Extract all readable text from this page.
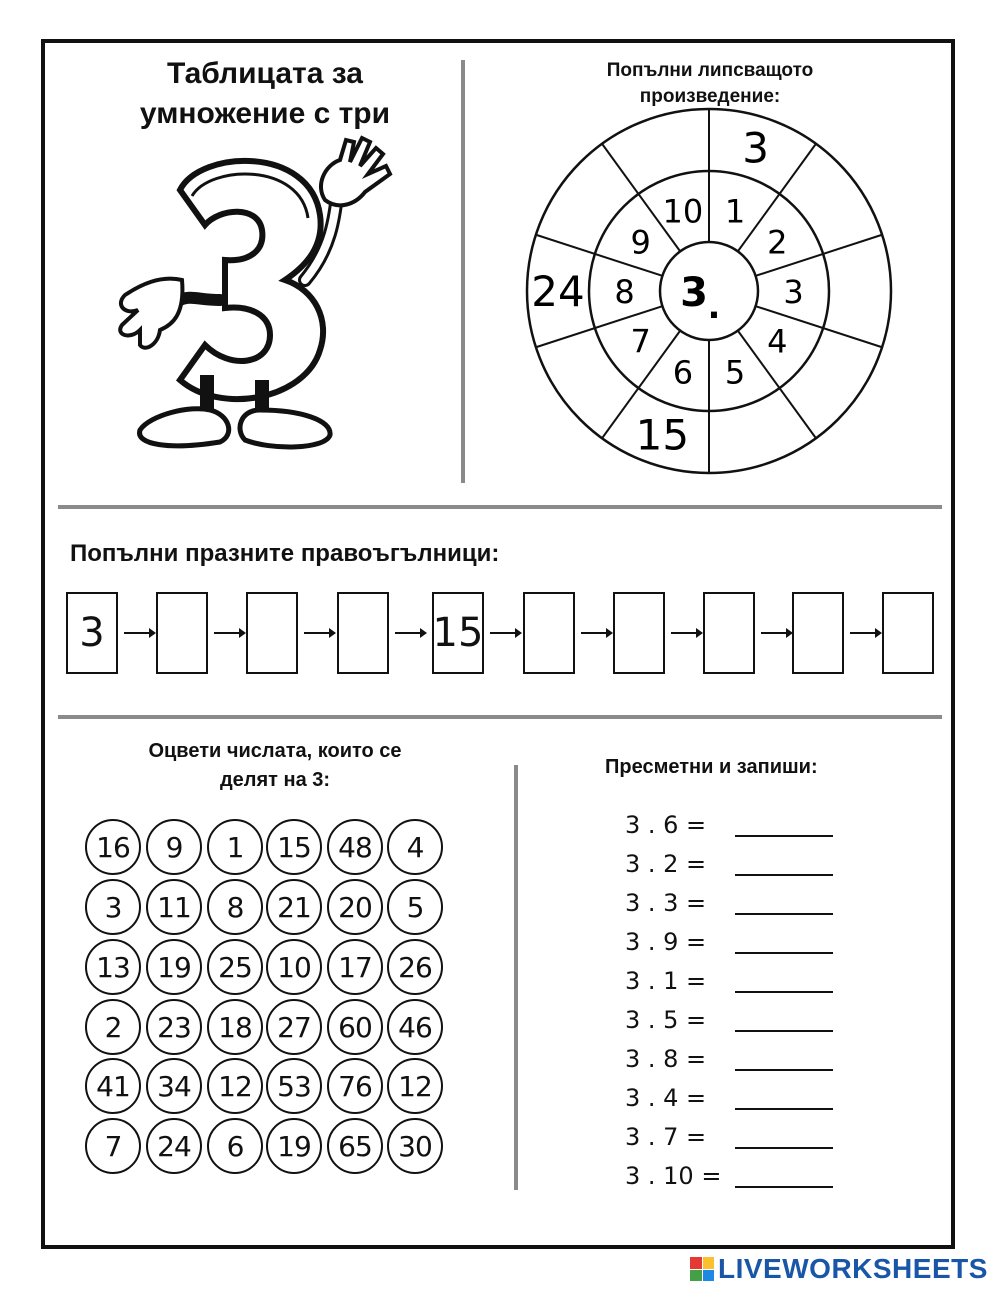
Таблицата за
умножение с три
Попълни липсващото
произведение:
1
2
3
4
5
6
7
8
9
10
3
15
24 3 .
Попълни празните правоъгълници:
3	15
Оцвети числата, които се
делят на 3:
16	9	1	15 48	4
3	11	8	21 20	5
13 19 25 10 17 26
2	23 18 27 60 46
41 34 12 53 76 12
7	24	6	19 65 30
Пресметни и запиши:
3 . 6 =
3 . 2 =
3 . 3 =
3 . 9 =
3 . 1 =
3 . 5 =
3 . 8 =
3 . 4 =
3 . 7 =
3 . 10 =
LIVEWORKSHEETS
